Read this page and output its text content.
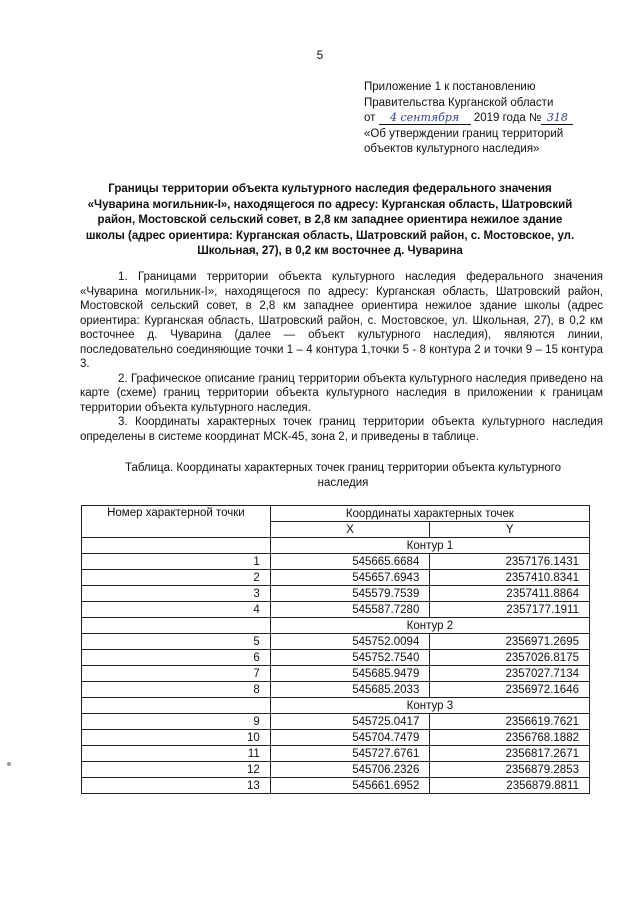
5
Приложение 1 к постановлению
Правительства Курганской области
от 4 сентября 2019 года № 318
«Об утверждении границ территорий
объектов культурного наследия»
Границы территории объекта культурного наследия федерального значения «Чуварина могильник-I», находящегося по адресу: Курганская область, Шатровский район, Мостовской сельский совет, в 2,8 км западнее ориентира нежилое здание школы (адрес ориентира: Курганская область, Шатровский район, с. Мостовское, ул. Школьная, 27), в 0,2 км восточнее д. Чуварина

1. Границами территории объекта культурного наследия федерального значения «Чуварина могильник-I», находящегося по адресу: Курганская область, Шатровский район, Мостовской сельский совет, в 2,8 км западнее ориентира нежилое здание школы (адрес ориентира: Курганская область, Шатровский район, с. Мостовское, ул. Школьная, 27), в 0,2 км восточнее д. Чуварина (далее — объект культурного наследия), являются линии, последовательно соединяющие точки 1 – 4 контура 1,точки 5 - 8 контура 2 и точки 9 – 15 контура 3.

2. Графическое описание границ территории объекта культурного наследия приведено на карте (схеме) границ территории объекта культурного наследия в приложении к границам территории объекта культурного наследия.

3. Координаты характерных точек границ территории объекта культурного наследия определены в системе координат МСК-45, зона 2, и приведены в таблице.

Таблица. Координаты характерных точек границ территории объекта культурного наследия
Номер характерной точки	Координаты характерных точек	
	X	Y
	Контур 1	
1	545665.6684	2357176.1431
2	545657.6943	2357410.8341
3	545579.7539	2357411.8864
4	545587.7280	2357177.1911
	Контур 2	
5	545752.0094	2356971.2695
6	545752.7540	2357026.8175
7	545685.9479	2357027.7134
8	545685.2033	2356972.1646
	Контур 3	
9	545725.0417	2356619.7621
10	545704.7479	2356768.1882
11	545727.6761	2356817.2671
12	545706.2326	2356879.2853
13	545661.6952	2356879.8811
